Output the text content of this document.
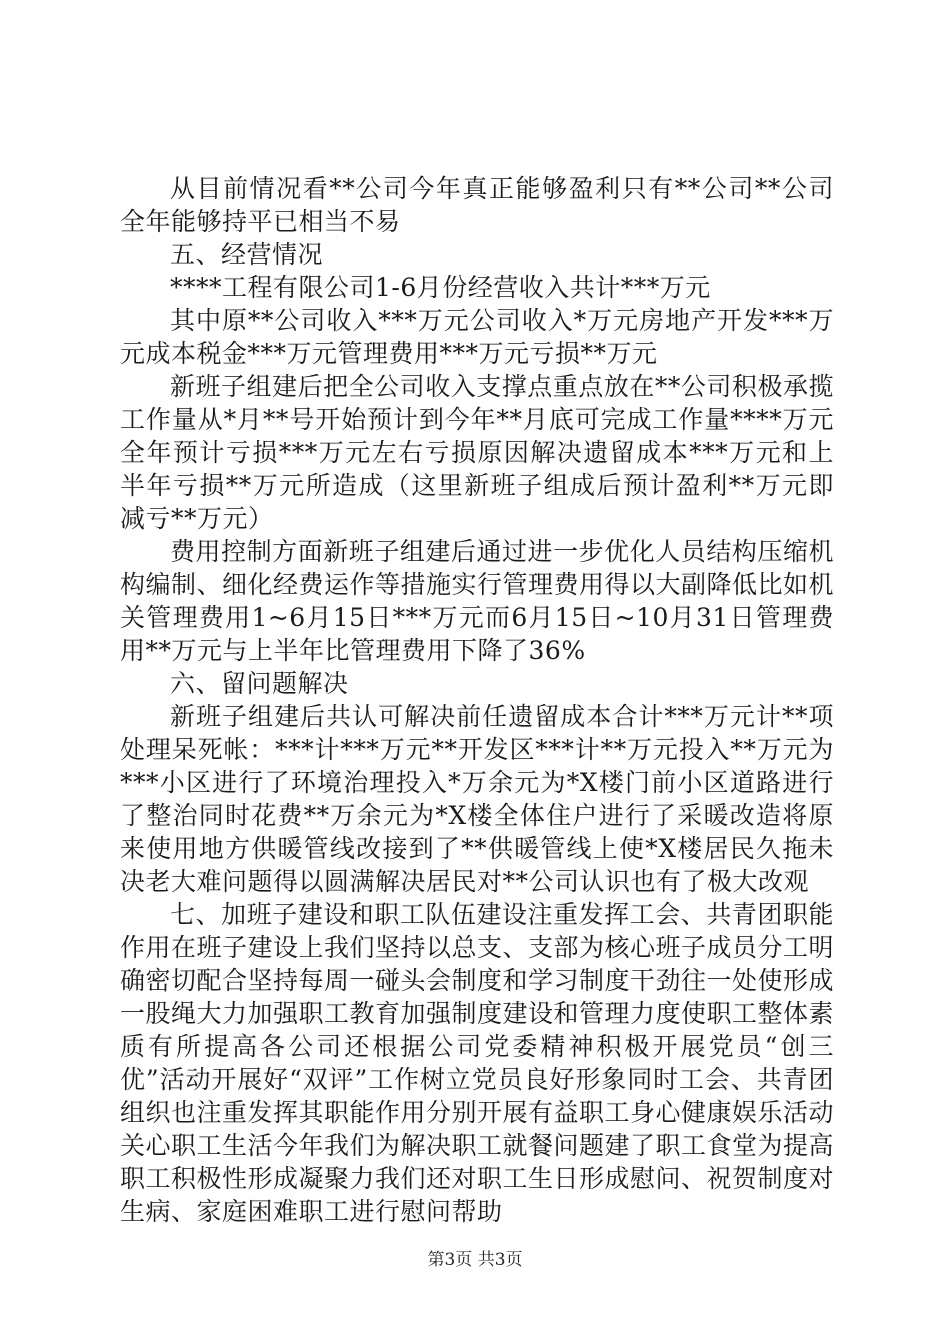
从目前情况看**公司今年真正能够盈利只有**公司**公司全年能够持平已相当不易

五、经营情况

****工程有限公司1-6月份经营收入共计***万元

其中原**公司收入***万元公司收入*万元房地产开发***万元成本税金***万元管理费用***万元亏损**万元

新班子组建后把全公司收入支撑点重点放在**公司积极承揽工作量从*月**号开始预计到今年**月底可完成工作量****万元全年预计亏损***万元左右亏损原因解决遗留成本***万元和上半年亏损**万元所造成（这里新班子组成后预计盈利**万元即减亏**万元）

费用控制方面新班子组建后通过进一步优化人员结构压缩机构编制、细化经费运作等措施实行管理费用得以大副降低比如机关管理费用1~6月15日***万元而6月15日~10月31日管理费用**万元与上半年比管理费用下降了36%

六、留问题解决

新班子组建后共认可解决前任遗留成本合计***万元计**项处理呆死帐：***计***万元**开发区***计**万元投入**万元为***小区进行了环境治理投入*万余元为*X楼门前小区道路进行了整治同时花费**万余元为*X楼全体住户进行了采暖改造将原来使用地方供暖管线改接到了**供暖管线上使*X楼居民久拖未决老大难问题得以圆满解决居民对**公司认识也有了极大改观

七、加班子建设和职工队伍建设注重发挥工会、共青团职能作用在班子建设上我们坚持以总支、支部为核心班子成员分工明确密切配合坚持每周一碰头会制度和学习制度干劲往一处使形成一股绳大力加强职工教育加强制度建设和管理力度使职工整体素质有所提高各公司还根据公司党委精神积极开展党员“创三优”活动开展好“双评”工作树立党员良好形象同时工会、共青团组织也注重发挥其职能作用分别开展有益职工身心健康娱乐活动关心职工生活今年我们为解决职工就餐问题建了职工食堂为提高职工积极性形成凝聚力我们还对职工生日形成慰问、祝贺制度对生病、家庭困难职工进行慰问帮助

第3页 共3页
